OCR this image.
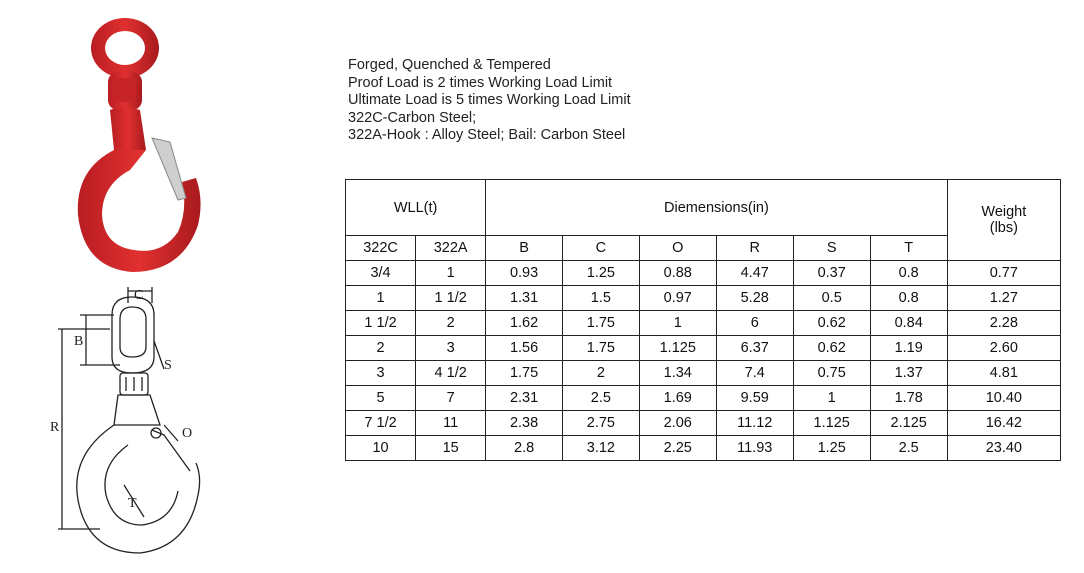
C
B
S
R	O
T
Forged, Quenched & Tempered
Proof Load is 2 times Working Load Limit
Ultimate Load is 5 times Working Load Limit
322C-Carbon Steel;
322A-Hook : Alloy Steel; Bail: Carbon Steel
WLL(t)		Diemensions(in)						Weight
(lbs)
322C	322A	B	C	O	R	S	T	
3/4	1	0.93	1.25	0.88	4.47	0.37	0.8	0.77
1	1 1/2	1.31	1.5	0.97	5.28	0.5	0.8	1.27
1 1/2	2	1.62	1.75	1	6	0.62	0.84	2.28
2	3	1.56	1.75	1.125	6.37	0.62	1.19	2.60
3	4 1/2	1.75	2	1.34	7.4	0.75	1.37	4.81
5	7	2.31	2.5	1.69	9.59	1	1.78	10.40
7 1/2	11	2.38	2.75	2.06	11.12	1.125	2.125	16.42
10	15	2.8	3.12	2.25	11.93	1.25	2.5	23.40
